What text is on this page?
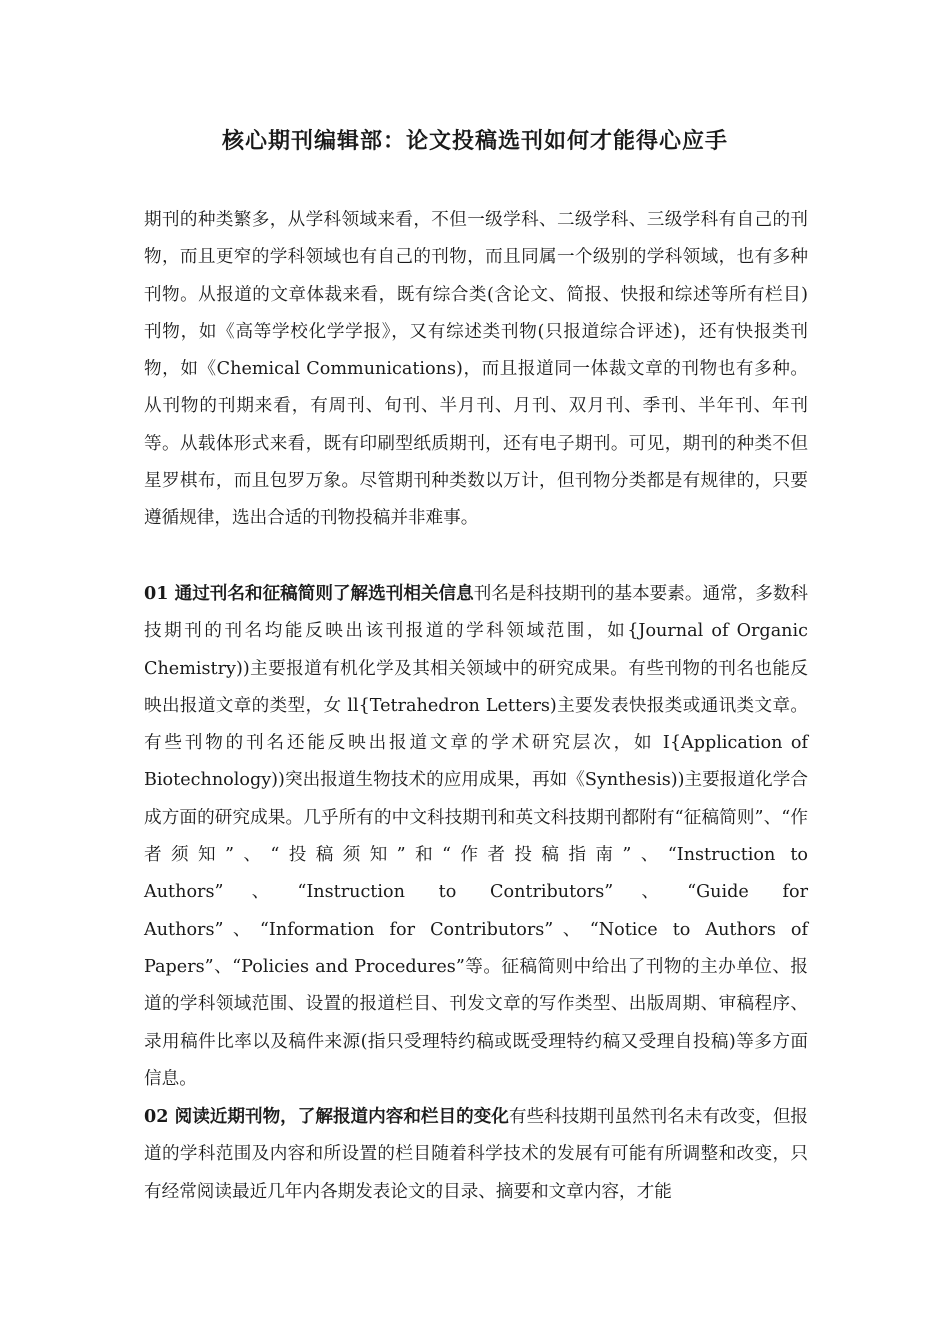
核心期刊编辑部：论文投稿选刊如何才能得心应手

期刊的种类繁多，从学科领域来看，不但一级学科、二级学科、三级学科有自己的刊物，而且更窄的学科领域也有自己的刊物，而且同属一个级别的学科领域，也有多种刊物。从报道的文章体裁来看，既有综合类(含论文、简报、快报和综述等所有栏目)刊物，如《高等学校化学学报》，又有综述类刊物(只报道综合评述)，还有快报类刊物，如《Chemical Communications)，而且报道同一体裁文章的刊物也有多种。从刊物的刊期来看，有周刊、旬刊、半月刊、月刊、双月刊、季刊、半年刊、年刊等。从载体形式来看，既有印刷型纸质期刊，还有电子期刊。可见，期刊的种类不但星罗棋布，而且包罗万象。尽管期刊种类数以万计，但刊物分类都是有规律的，只要遵循规律，选出合适的刊物投稿并非难事。

01 通过刊名和征稿简则了解选刊相关信息刊名是科技期刊的基本要素。通常，多数科技期刊的刊名均能反映出该刊报道的学科领域范围，如{Journal of Organic Chemistry))主要报道有机化学及其相关领域中的研究成果。有些刊物的刊名也能反映出报道文章的类型，女 ll{Tetrahedron Letters)主要发表快报类或通讯类文章。有些刊物的刊名还能反映出报道文章的学术研究层次，如 I{Application of Biotechnology))突出报道生物技术的应用成果，再如《Synthesis))主要报道化学合成方面的研究成果。几乎所有的中文科技期刊和英文科技期刊都附有“征稿简则”、“作者须知”、“投稿须知”和“作者投稿指南”、“Instruction to Authors”、“Instruction to Contributors”、“Guide for Authors”、“Information for Contributors”、“Notice to Authors of Papers”、“Policies and Procedures”等。征稿简则中给出了刊物的主办单位、报道的学科领域范围、设置的报道栏目、刊发文章的写作类型、出版周期、审稿程序、录用稿件比率以及稿件来源(指只受理特约稿或既受理特约稿又受理自投稿)等多方面信息。

02 阅读近期刊物，了解报道内容和栏目的变化有些科技期刊虽然刊名未有改变，但报道的学科范围及内容和所设置的栏目随着科学技术的发展有可能有所调整和改变，只有经常阅读最近几年内各期发表论文的目录、摘要和文章内容，才能
